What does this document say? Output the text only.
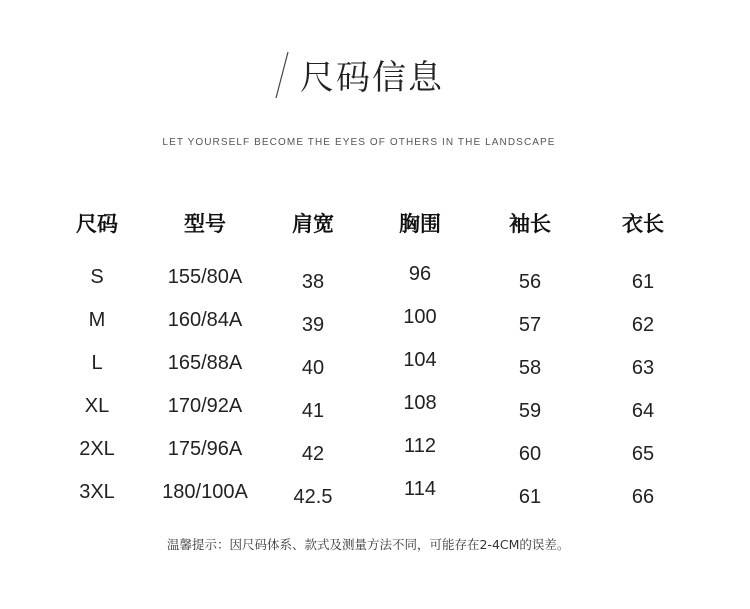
尺码信息
LET YOURSELF BECOME THE EYES OF OTHERS IN THE LANDSCAPE
尺码	型号	肩宽	胸围	袖长	衣长
S	155/80A	38	96	56	61
M	160/84A	39	100	57	62
L	165/88A	40	104	58	63
XL	170/92A	41	108	59	64
2XL	175/96A	42	112	60	65
3XL 180/100A 42.5	114	61	66
温馨提示：因尺码体系、款式及测量方法不同，可能存在2-4CM的误差。
